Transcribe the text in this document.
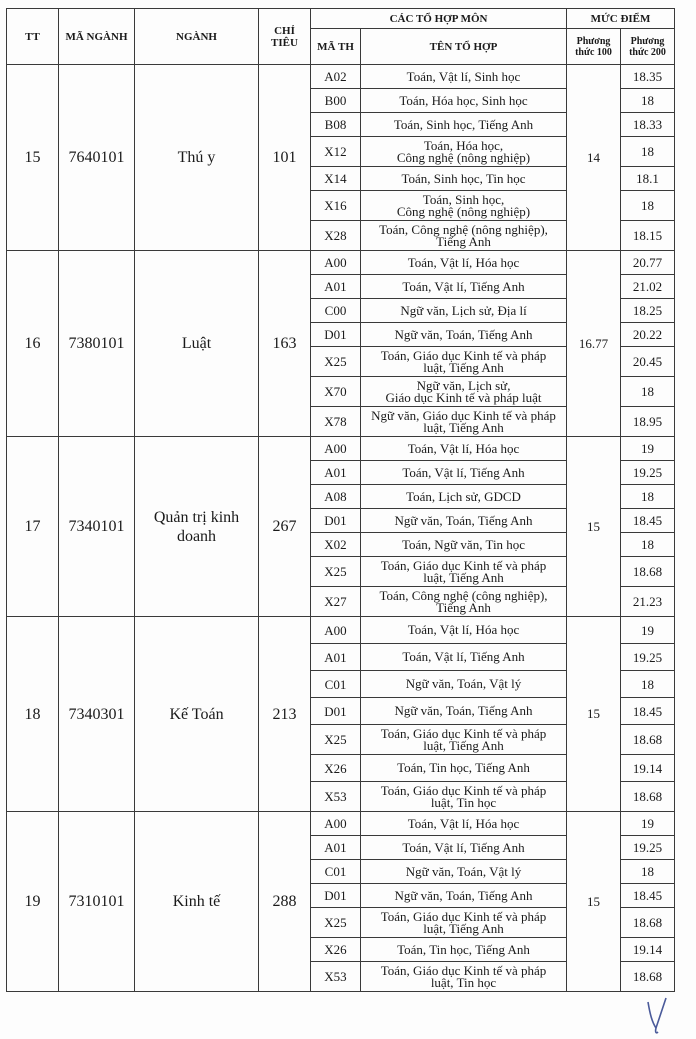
TT	MÃ NGÀNH	NGÀNH	CHỈ TIÊU	CÁC TỔ HỢP MÔN		MỨC ĐIỂM	
				MÃ TH	TÊN TỔ HỢP	Phương thức 100	Phương thức 200
15	7640101	Thú y	101	A02	Toán, Vật lí, Sinh học	14	18.35
				B00	Toán, Hóa học, Sinh học		18
				B08	Toán, Sinh học, Tiếng Anh		18.33
				X12	Toán, Hóa học,
Công nghệ (nông nghiệp)		18
				X14	Toán, Sinh học, Tin học		18.1
				X16	Toán, Sinh học,
Công nghệ (nông nghiệp)		18
				X28	Toán, Công nghệ (nông nghiệp),
Tiếng Anh		18.15
16	7380101	Luật	163	A00	Toán, Vật lí, Hóa học	16.77	20.77
				A01	Toán, Vật lí, Tiếng Anh		21.02
				C00	Ngữ văn, Lịch sử, Địa lí		18.25
				D01	Ngữ văn, Toán, Tiếng Anh		20.22
				X25	Toán, Giáo dục Kinh tế và pháp
luật, Tiếng Anh		20.45
				X70	Ngữ văn, Lịch sử,
Giáo dục Kinh tế và pháp luật		18
				X78	Ngữ văn, Giáo dục Kinh tế và pháp
luật, Tiếng Anh		18.95
17	7340101	Quản trị kinh
doanh	267	A00	Toán, Vật lí, Hóa học	15	19
				A01	Toán, Vật lí, Tiếng Anh		19.25
				A08	Toán, Lịch sử, GDCD		18
				D01	Ngữ văn, Toán, Tiếng Anh		18.45
				X02	Toán, Ngữ văn, Tin học		18
				X25	Toán, Giáo dục Kinh tế và pháp
luật, Tiếng Anh		18.68
				X27	Toán, Công nghệ (công nghiệp),
Tiếng Anh		21.23
18	7340301	Kế Toán	213	A00	Toán, Vật lí, Hóa học	15	19
				A01	Toán, Vật lí, Tiếng Anh		19.25
				C01	Ngữ văn, Toán, Vật lý		18
				D01	Ngữ văn, Toán, Tiếng Anh		18.45
				X25	Toán, Giáo dục Kinh tế và pháp
luật, Tiếng Anh		18.68
				X26	Toán, Tin học, Tiếng Anh		19.14
				X53	Toán, Giáo dục Kinh tế và pháp
luật, Tin học		18.68
19	7310101	Kinh tế	288	A00	Toán, Vật lí, Hóa học	15	19
				A01	Toán, Vật lí, Tiếng Anh		19.25
				C01	Ngữ văn, Toán, Vật lý		18
				D01	Ngữ văn, Toán, Tiếng Anh		18.45
				X25	Toán, Giáo dục Kinh tế và pháp
luật, Tiếng Anh		18.68
				X26	Toán, Tin học, Tiếng Anh		19.14
				X53	Toán, Giáo dục Kinh tế và pháp
luật, Tin học		18.68
